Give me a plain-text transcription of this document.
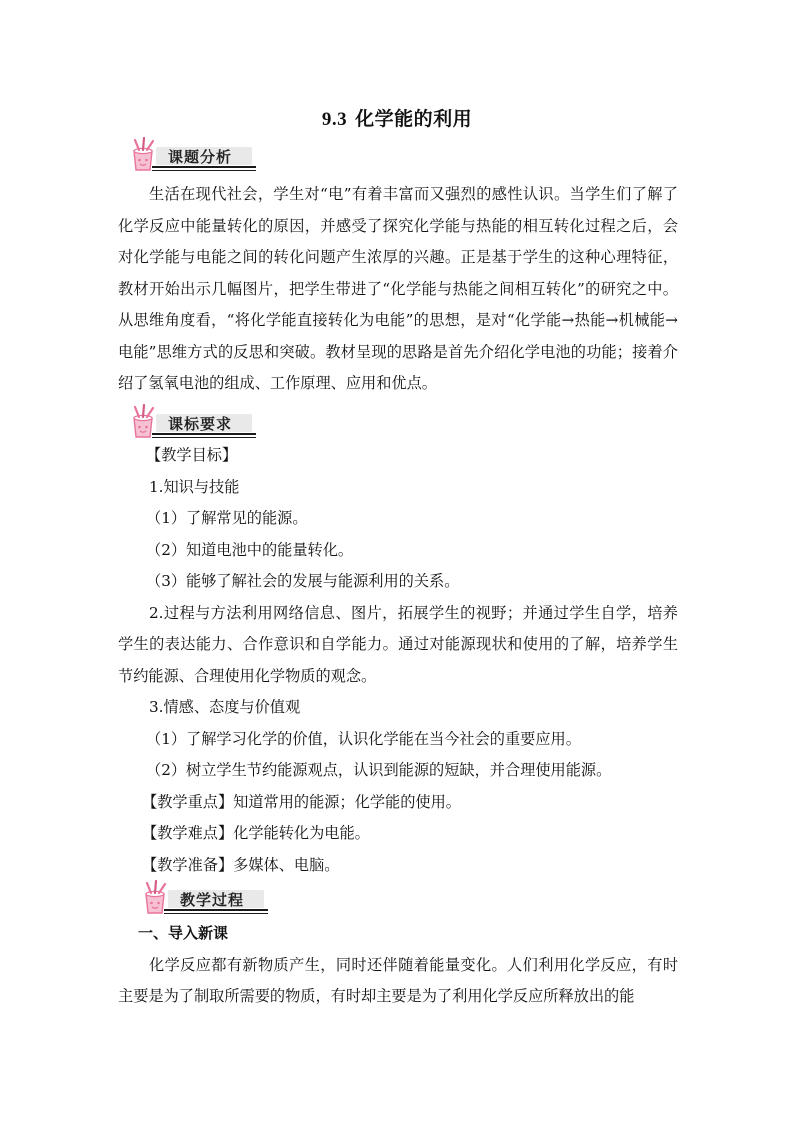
9.3 化学能的利用
课题分析

生活在现代社会，学生对“电”有着丰富而又强烈的感性认识。当学生们了解了化学反应中能量转化的原因，并感受了探究化学能与热能的相互转化过程之后，会对化学能与电能之间的转化问题产生浓厚的兴趣。正是基于学生的这种心理特征，教材开始出示几幅图片，把学生带进了“化学能与热能之间相互转化”的研究之中。从思维角度看，“将化学能直接转化为电能”的思想，是对“化学能→热能→机械能→电能”思维方式的反思和突破。教材呈现的思路是首先介绍化学电池的功能；接着介绍了氢氧电池的组成、工作原理、应用和优点。

课标要求

【教学目标】

1.知识与技能

（1）了解常见的能源。

（2）知道电池中的能量转化。

（3）能够了解社会的发展与能源利用的关系。

2.过程与方法利用网络信息、图片，拓展学生的视野；并通过学生自学，培养学生的表达能力、合作意识和自学能力。通过对能源现状和使用的了解，培养学生节约能源、合理使用化学物质的观念。

3.情感、态度与价值观

（1）了解学习化学的价值，认识化学能在当今社会的重要应用。

（2）树立学生节约能源观点，认识到能源的短缺，并合理使用能源。

【教学重点】知道常用的能源；化学能的使用。

【教学难点】化学能转化为电能。

【教学准备】多媒体、电脑。

教学过程

一、导入新课

化学反应都有新物质产生，同时还伴随着能量变化。人们利用化学反应，有时主要是为了制取所需要的物质，有时却主要是为了利用化学反应所释放出的能
